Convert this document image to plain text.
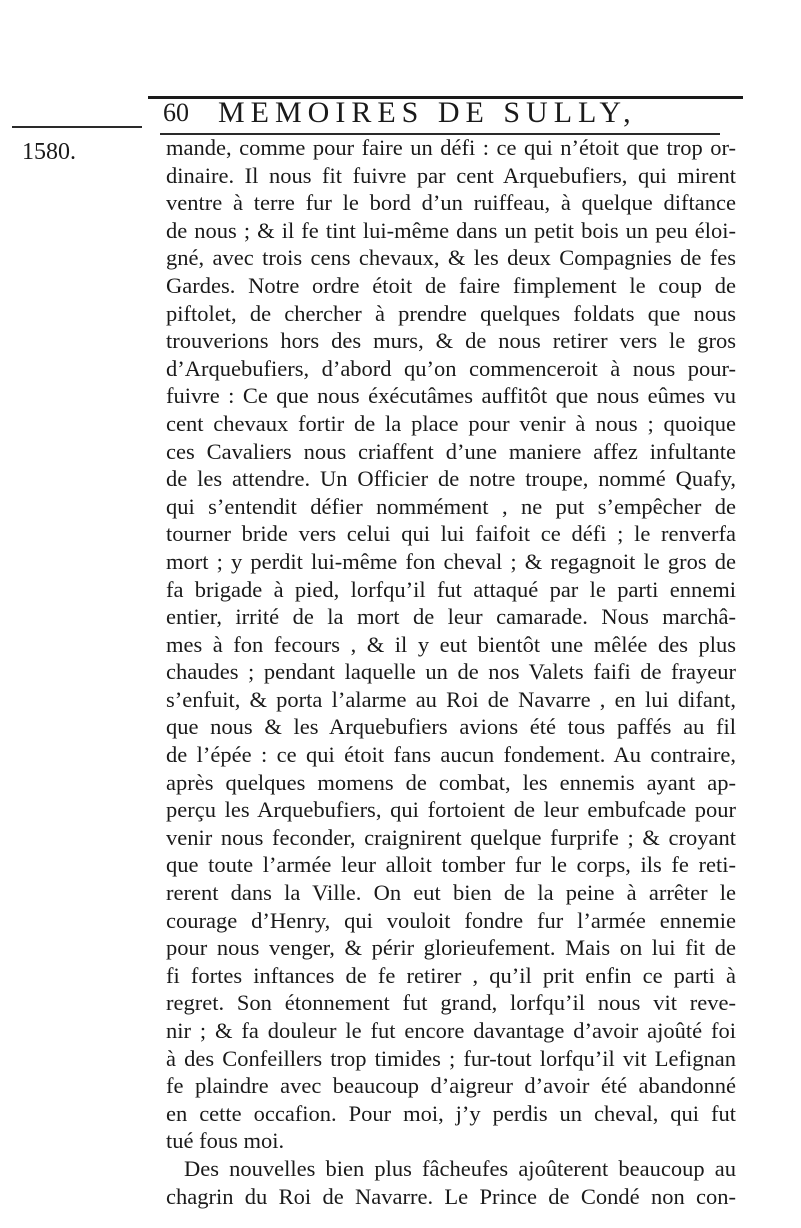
60 MEMOIRES DE SULLY,
1580.	mande, comme pour faire un défi : ce qui n’étoit que trop or-
dinaire. Il nous fit fuivre par cent Arquebufiers, qui mirent
ventre à terre fur le bord d’un ruiffeau, à quelque diftance
de nous ; & il fe tint lui-même dans un petit bois un peu éloi-
gné, avec trois cens chevaux, & les deux Compagnies de fes
Gardes. Notre ordre étoit de faire fimplement le coup de
piftolet, de chercher à prendre quelques foldats que nous
trouverions hors des murs, & de nous retirer vers le gros
d’Arquebufiers, d’abord qu’on commenceroit à nous pour-
fuivre : Ce que nous éxécutâmes auffitôt que nous eûmes vu
cent chevaux fortir de la place pour venir à nous ; quoique
ces Cavaliers nous criaffent d’une maniere affez infultante
de les attendre. Un Officier de notre troupe, nommé Quafy,
qui s’entendit défier nommément , ne put s’empêcher de
tourner bride vers celui qui lui faifoit ce défi ; le renverfa
mort ; y perdit lui-même fon cheval ; & regagnoit le gros de
fa brigade à pied, lorfqu’il fut attaqué par le parti ennemi
entier, irrité de la mort de leur camarade. Nous marchâ-
mes à fon fecours , & il y eut bientôt une mêlée des plus
chaudes ; pendant laquelle un de nos Valets faifi de frayeur
s’enfuit, & porta l’alarme au Roi de Navarre , en lui difant,
que nous & les Arquebufiers avions été tous paffés au fil
de l’épée : ce qui étoit fans aucun fondement. Au contraire,
après quelques momens de combat, les ennemis ayant ap-
perçu les Arquebufiers, qui fortoient de leur embufcade pour
venir nous feconder, craignirent quelque furprife ; & croyant
que toute l’armée leur alloit tomber fur le corps, ils fe reti-
rerent dans la Ville. On eut bien de la peine à arrêter le
courage d’Henry, qui vouloit fondre fur l’armée ennemie
pour nous venger, & périr glorieufement. Mais on lui fit de
fi fortes inftances de fe retirer , qu’il prit enfin ce parti à
regret. Son étonnement fut grand, lorfqu’il nous vit reve-
nir ; & fa douleur le fut encore davantage d’avoir ajoûté foi
à des Confeillers trop timides ; fur-tout lorfqu’il vit Lefignan
fe plaindre avec beaucoup d’aigreur d’avoir été abandonné
en cette occafion. Pour moi, j’y perdis un cheval, qui fut
tué fous moi.
Des nouvelles bien plus fâcheufes ajoûterent beaucoup au
chagrin du Roi de Navarre. Le Prince de Condé non con-
